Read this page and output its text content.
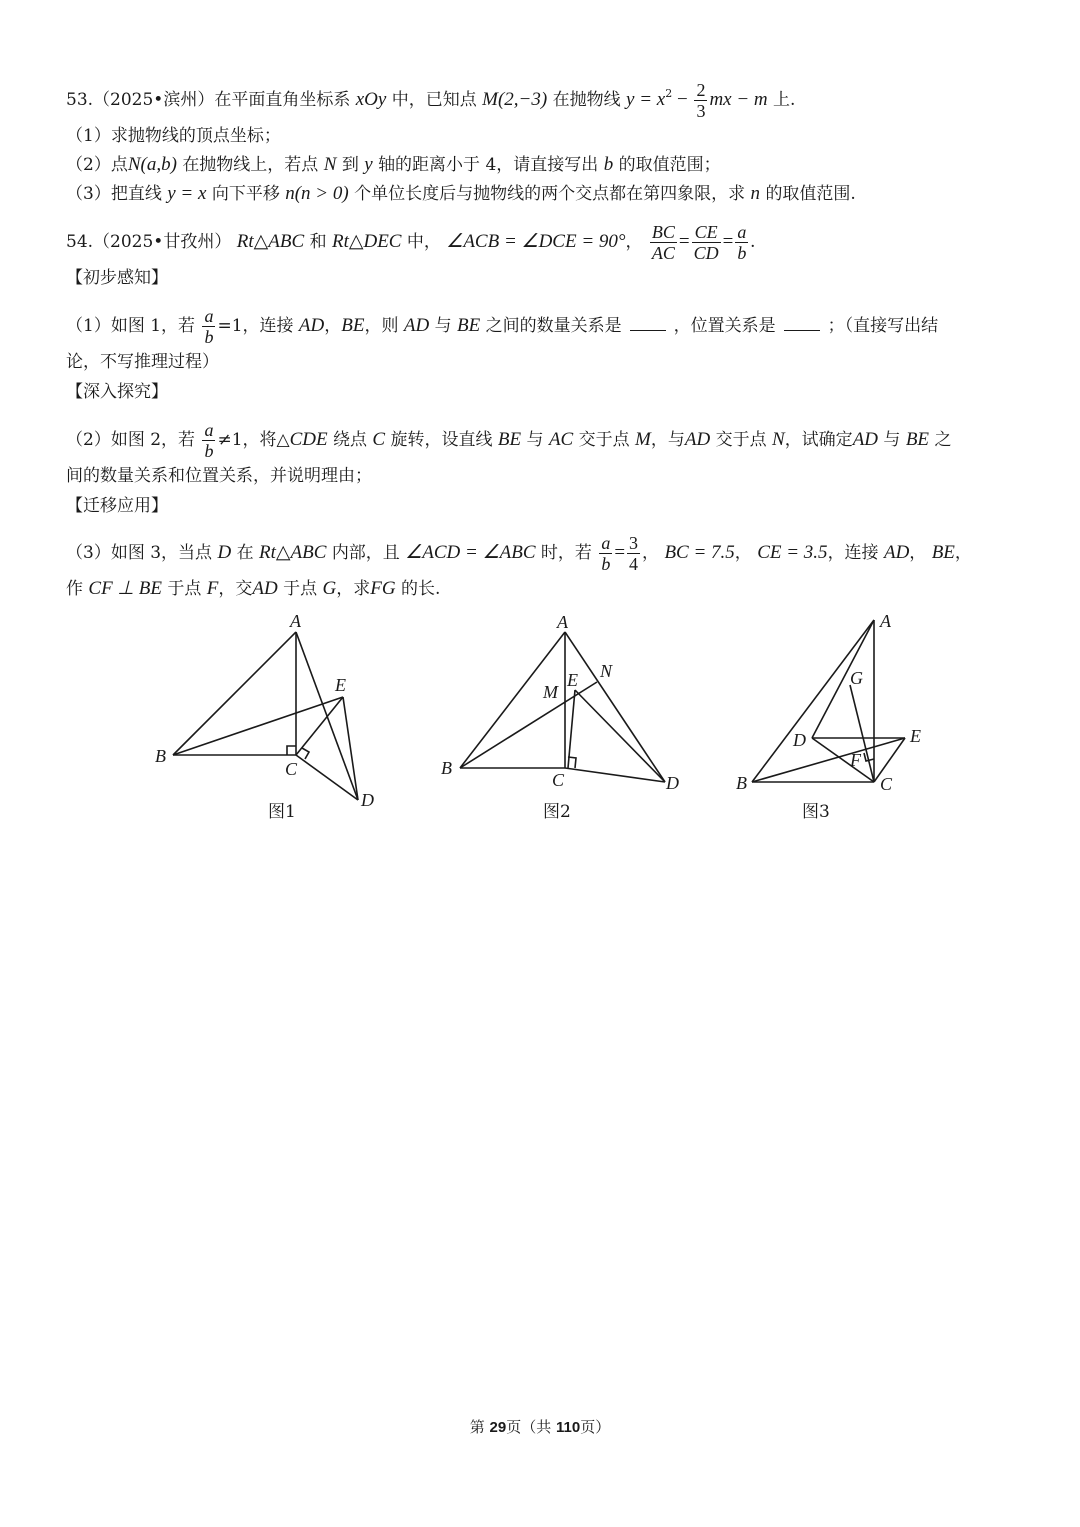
53.（2025•滨州）在平面直角坐标系 xOy 中，已知点 M(2,−3) 在抛物线 $y = x^2 - \frac{2}{3}$ mx − m 上.
（1）求抛物线的顶点坐标；
（2）点N(a,b) 在抛物线上，若点 N 到 y 轴的距离小于 4，请直接写出 b 的取值范围；
（3）把直线 y = x 向下平移 n(n > 0) 个单位长度后与抛物线的两个交点都在第四象限，求 n 的取值范围.
54.（2025•甘孜州） Rt△ABC 和 Rt△DEC 中， ∠ACB = ∠DCE = 90°， $\frac{BC}{AC} = \frac{CE}{CD} = \frac{a}{b}$ .
【初步感知】
（1）如图 1，若 $\frac{a}{b} =1$，连接 AD，BE，则 AD 与 BE 之间的数量关系是	，位置关系是	；（直接写出结
论，不写推理过程）
【深入探究】
（2）如图 2，若 $\frac{a}{b} \ne 1$，将△CDE 绕点 C 旋转，设直线 BE 与 AC 交于点 M，与AD 交于点 N，试确定AD 与 BE 之
间的数量关系和位置关系，并说明理由；
【迁移应用】
（3）如图 3，当点 D 在 Rt△ABC 内部，且 ∠ACD = ∠ABC 时，若 $\frac{a}{b} = \frac{3}{4}$ ， BC = 7.5， CE = 3.5，连接 AD， BE，
作 CF ⊥ BE 于点 F，交AD 于点 G，求FG 的长.
A
B
C
D
E
图1
A
B
C	D
E
M
N
图2
A
B	C
D	E
F
G
图3
第 29页（共 110页）
